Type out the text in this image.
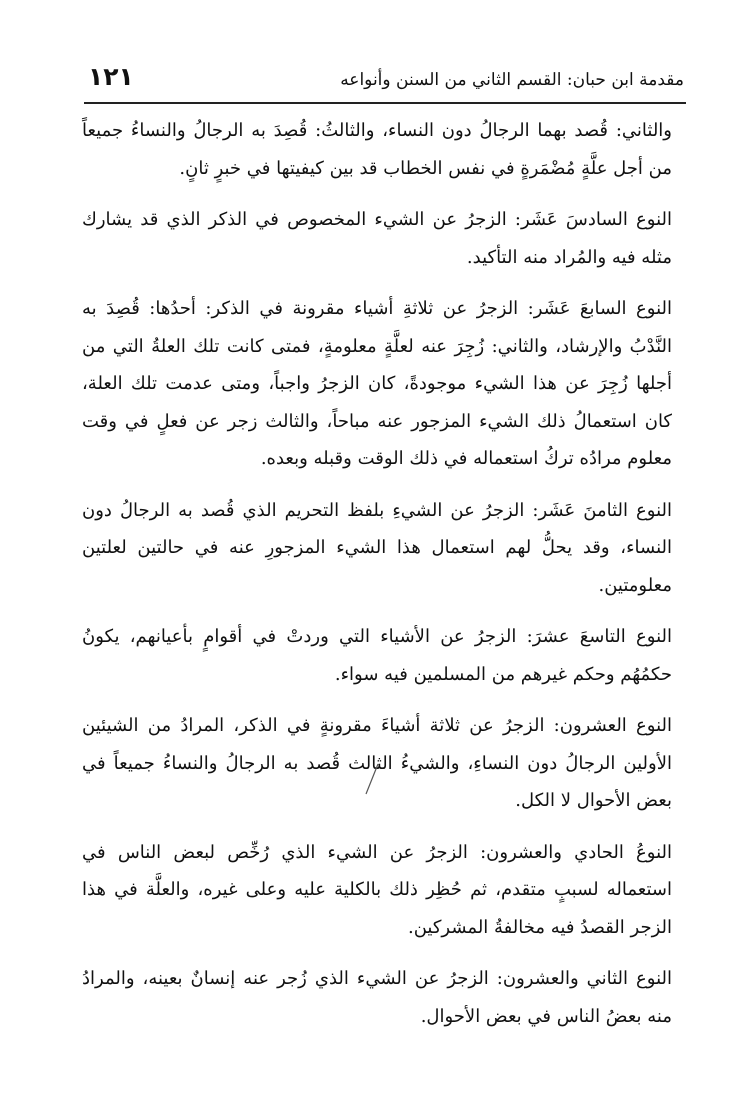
مقدمة ابن حبان: القسم الثاني من السنن وأنواعه
١٢١

والثاني: قُصد بهما الرجالُ دون النساء، والثالثُ: قُصِدَ به الرجالُ والنساءُ جميعاً من أجل علَّةٍ مُضْمَرةٍ في نفس الخطاب قد بين كيفيتها في خبرٍ ثانٍ.

النوع السادسَ عَشَر: الزجرُ عن الشيء المخصوص في الذكر الذي قد يشارك مثله فيه والمُراد منه التأكيد.

النوع السابعَ عَشَر: الزجرُ عن ثلاثةِ أشياء مقرونة في الذكر: أحدُها: قُصِدَ به النَّدْبُ والإرشاد، والثاني: زُجِرَ عنه لعلَّةٍ معلومةٍ، فمتى كانت تلك العلةُ التي من أجلها زُجِرَ عن هذا الشيء موجودةً، كان الزجرُ واجباً، ومتى عدمت تلك العلة، كان استعمالُ ذلك الشيء المزجور عنه مباحاً، والثالث زجر عن فعلٍ في وقت معلوم مرادُه تركُ استعماله في ذلك الوقت وقبله وبعده.

النوع الثامنَ عَشَر: الزجرُ عن الشيءِ بلفظ التحريم الذي قُصد به الرجالُ دون النساء، وقد يحلُّ لهم استعمال هذا الشيء المزجورِ عنه في حالتين لعلتين معلومتين.

النوع التاسعَ عشرَ: الزجرُ عن الأشياء التي وردتْ في أقوامٍ بأعيانهم، يكونُ حكمُهُم وحكم غيرهم من المسلمين فيه سواء.

النوع العشرون: الزجرُ عن ثلاثة أشياءَ مقرونةٍ في الذكر، المرادُ من الشيئين الأولين الرجالُ دون النساءِ، والشيءُ الثالث قُصد به الرجالُ والنساءُ جميعاً في بعض الأحوال لا الكل.

النوعُ الحادي والعشرون: الزجرُ عن الشيء الذي رُخِّص لبعض الناس في استعماله لسببٍ متقدم، ثم حُظِر ذلك بالكلية عليه وعلى غيره، والعلَّة في هذا الزجر القصدُ فيه مخالفةُ المشركين.

النوع الثاني والعشرون: الزجرُ عن الشيء الذي زُجر عنه إنسانٌ بعينه، والمرادُ منه بعضُ الناس في بعض الأحوال.
